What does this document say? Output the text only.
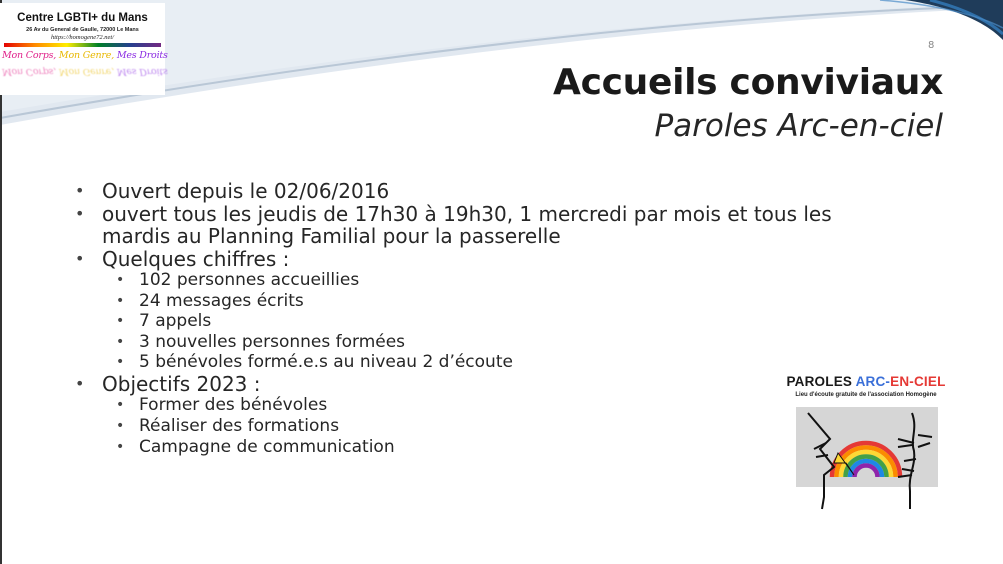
Centre LGBTI+ du Mans
26 Av du General de Gaulle, 72000 Le Mans
https://homogene72.net/
Mon Corps, Mon Genre, Mes Droits
Mon Corps, Mon Genre, Mes Droits
8
Accueils conviviaux
Paroles Arc-en-ciel
• Ouvert depuis le 02/06/2016
• ouvert tous les jeudis de 17h30 à 19h30, 1 mercredi par mois et tous les mardis au Planning Familial pour la passerelle
• Quelques chiffres :
• 102 personnes accueillies
• 24 messages écrits
• 7 appels
• 3 nouvelles personnes formées
• 5 bénévoles formé.e.s au niveau 2 d’écoute
• Objectifs 2023 :
• Former des bénévoles
• Réaliser des formations
• Campagne de communication
PAROLES ARC-EN-CIEL
Lieu d'écoute gratuite de l'association Homogène
